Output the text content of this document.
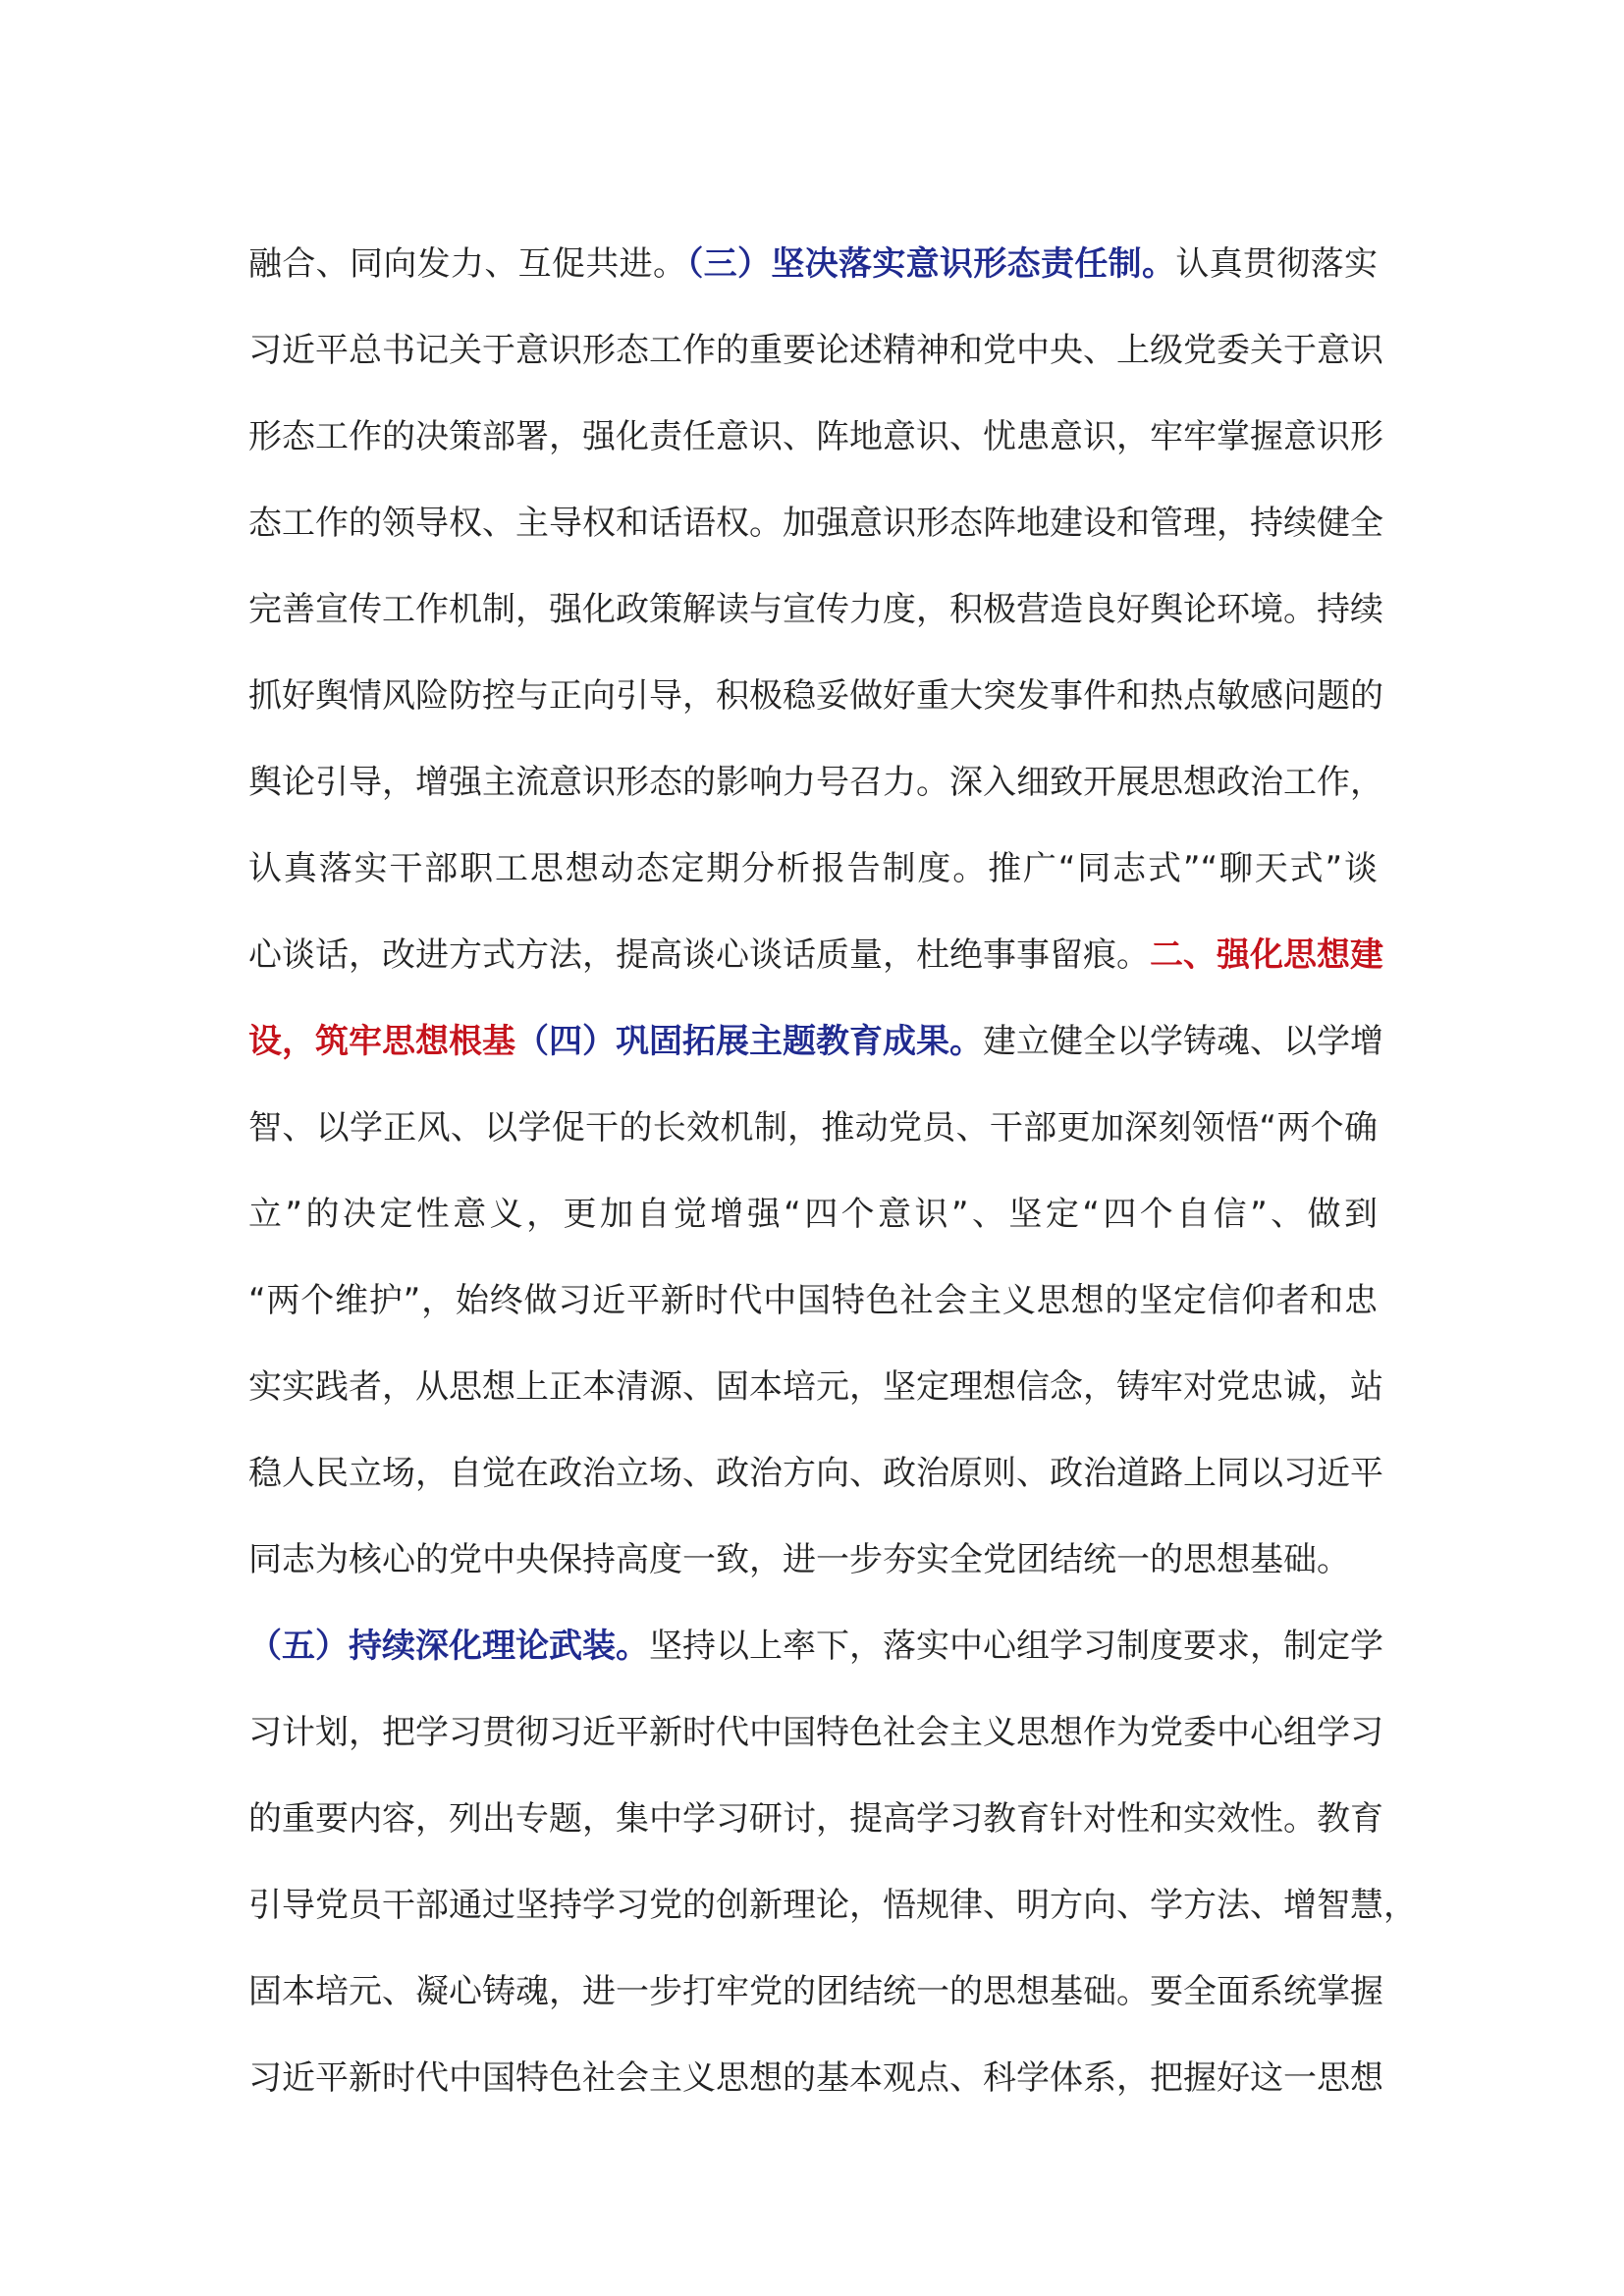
融合、同向发力、互促共进。（三）坚决落实意识形态责任制。认真贯彻落实
习近平总书记关于意识形态工作的重要论述精神和党中央、上级党委关于意识
形态工作的决策部署，强化责任意识、阵地意识、忧患意识，牢牢掌握意识形
态工作的领导权、主导权和话语权。加强意识形态阵地建设和管理，持续健全
完善宣传工作机制，强化政策解读与宣传力度，积极营造良好舆论环境。持续
抓好舆情风险防控与正向引导，积极稳妥做好重大突发事件和热点敏感问题的
舆论引导，增强主流意识形态的影响力号召力。深入细致开展思想政治工作，
认真落实干部职工思想动态定期分析报告制度。推广“同志式”“聊天式”谈
心谈话，改进方式方法，提高谈心谈话质量，杜绝事事留痕。二、强化思想建
设，筑牢思想根基（四）巩固拓展主题教育成果。建立健全以学铸魂、以学增
智、以学正风、以学促干的长效机制，推动党员、干部更加深刻领悟“两个确
立”的决定性意义，更加自觉增强“四个意识”、坚定“四个自信”、做到
“两个维护”，始终做习近平新时代中国特色社会主义思想的坚定信仰者和忠
实实践者，从思想上正本清源、固本培元，坚定理想信念，铸牢对党忠诚，站
稳人民立场，自觉在政治立场、政治方向、政治原则、政治道路上同以习近平
同志为核心的党中央保持高度一致，进一步夯实全党团结统一的思想基础。
（五）持续深化理论武装。坚持以上率下，落实中心组学习制度要求，制定学
习计划，把学习贯彻习近平新时代中国特色社会主义思想作为党委中心组学习
的重要内容，列出专题，集中学习研讨，提高学习教育针对性和实效性。教育
引导党员干部通过坚持学习党的创新理论，悟规律、明方向、学方法、增智慧，
固本培元、凝心铸魂，进一步打牢党的团结统一的思想基础。要全面系统掌握
习近平新时代中国特色社会主义思想的基本观点、科学体系，把握好这一思想
